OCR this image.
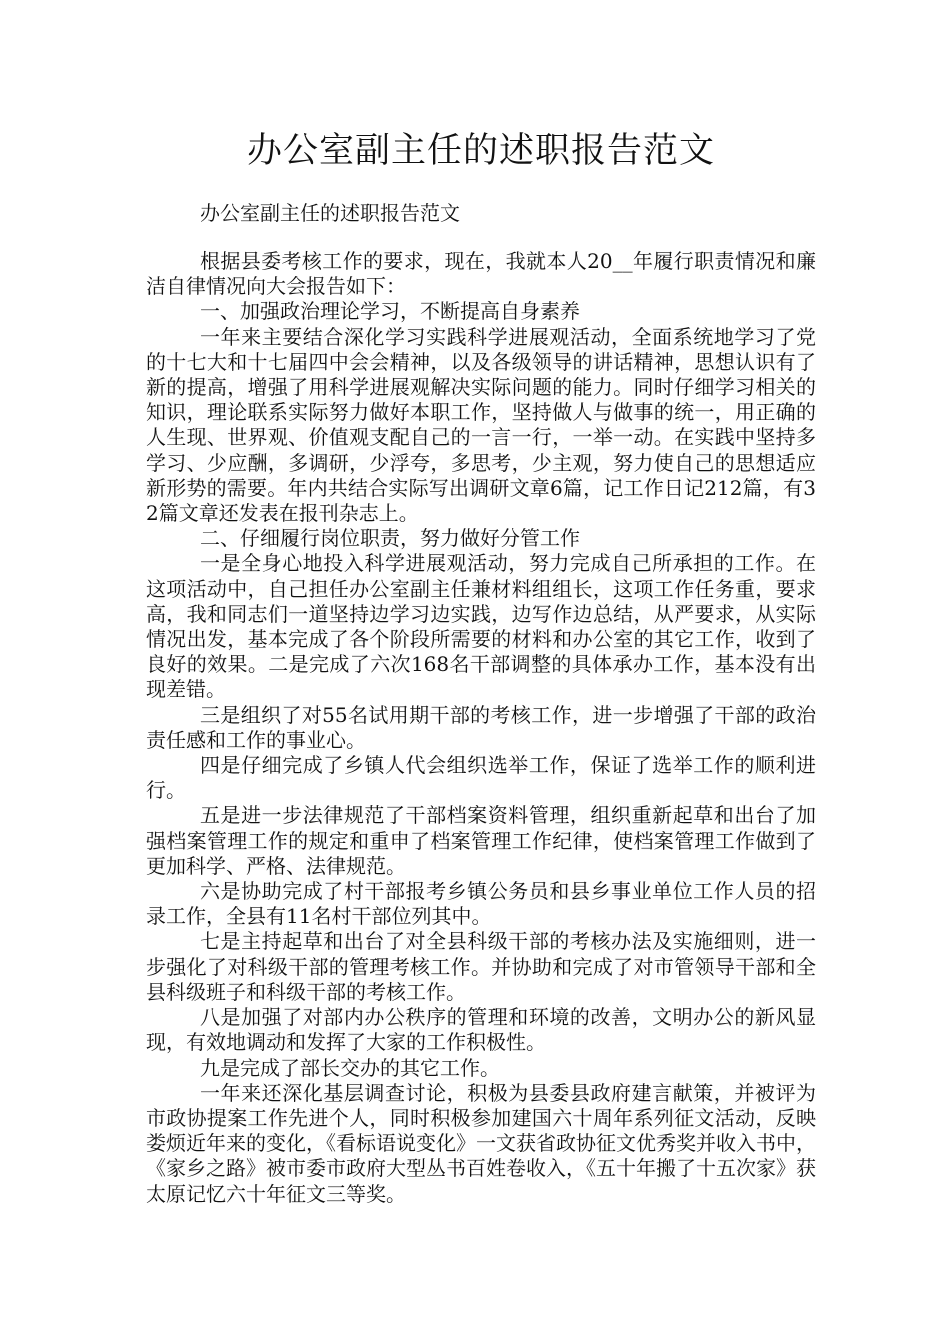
办公室副主任的述职报告范文
办公室副主任的述职报告范文

根据县委考核工作的要求，现在，我就本人20__年履行职责情况和廉洁自律情况向大会报告如下：

一、加强政治理论学习，不断提高自身素养

一年来主要结合深化学习实践科学进展观活动，全面系统地学习了党的十七大和十七届四中会会精神，以及各级领导的讲话精神，思想认识有了新的提高，增强了用科学进展观解决实际问题的能力。同时仔细学习相关的知识，理论联系实际努力做好本职工作，坚持做人与做事的统一，用正确的人生现、世界观、价值观支配自己的一言一行，一举一动。在实践中坚持多学习、少应酬，多调研，少浮夸，多思考，少主观，努力使自己的思想适应新形势的需要。年内共结合实际写出调研文章6篇，记工作日记212篇，有32篇文章还发表在报刊杂志上。

二、仔细履行岗位职责，努力做好分管工作

一是全身心地投入科学进展观活动，努力完成自己所承担的工作。在这项活动中，自己担任办公室副主任兼材料组组长，这项工作任务重，要求高，我和同志们一道坚持边学习边实践，边写作边总结，从严要求，从实际情况出发，基本完成了各个阶段所需要的材料和办公室的其它工作，收到了良好的效果。二是完成了六次168名干部调整的具体承办工作，基本没有出现差错。

三是组织了对55名试用期干部的考核工作，进一步增强了干部的政治责任感和工作的事业心。

四是仔细完成了乡镇人代会组织选举工作，保证了选举工作的顺利进行。

五是进一步法律规范了干部档案资料管理，组织重新起草和出台了加强档案管理工作的规定和重申了档案管理工作纪律，使档案管理工作做到了更加科学、严格、法律规范。

六是协助完成了村干部报考乡镇公务员和县乡事业单位工作人员的招录工作，全县有11名村干部位列其中。

七是主持起草和出台了对全县科级干部的考核办法及实施细则，进一步强化了对科级干部的管理考核工作。并协助和完成了对市管领导干部和全县科级班子和科级干部的考核工作。

八是加强了对部内办公秩序的管理和环境的改善，文明办公的新风显现，有效地调动和发挥了大家的工作积极性。

九是完成了部长交办的其它工作。

一年来还深化基层调查讨论，积极为县委县政府建言献策，并被评为市政协提案工作先进个人，同时积极参加建国六十周年系列征文活动，反映娄烦近年来的变化，《看标语说变化》一文获省政协征文优秀奖并收入书中，《家乡之路》被市委市政府大型丛书百姓卷收入，《五十年搬了十五次家》获太原记忆六十年征文三等奖。
